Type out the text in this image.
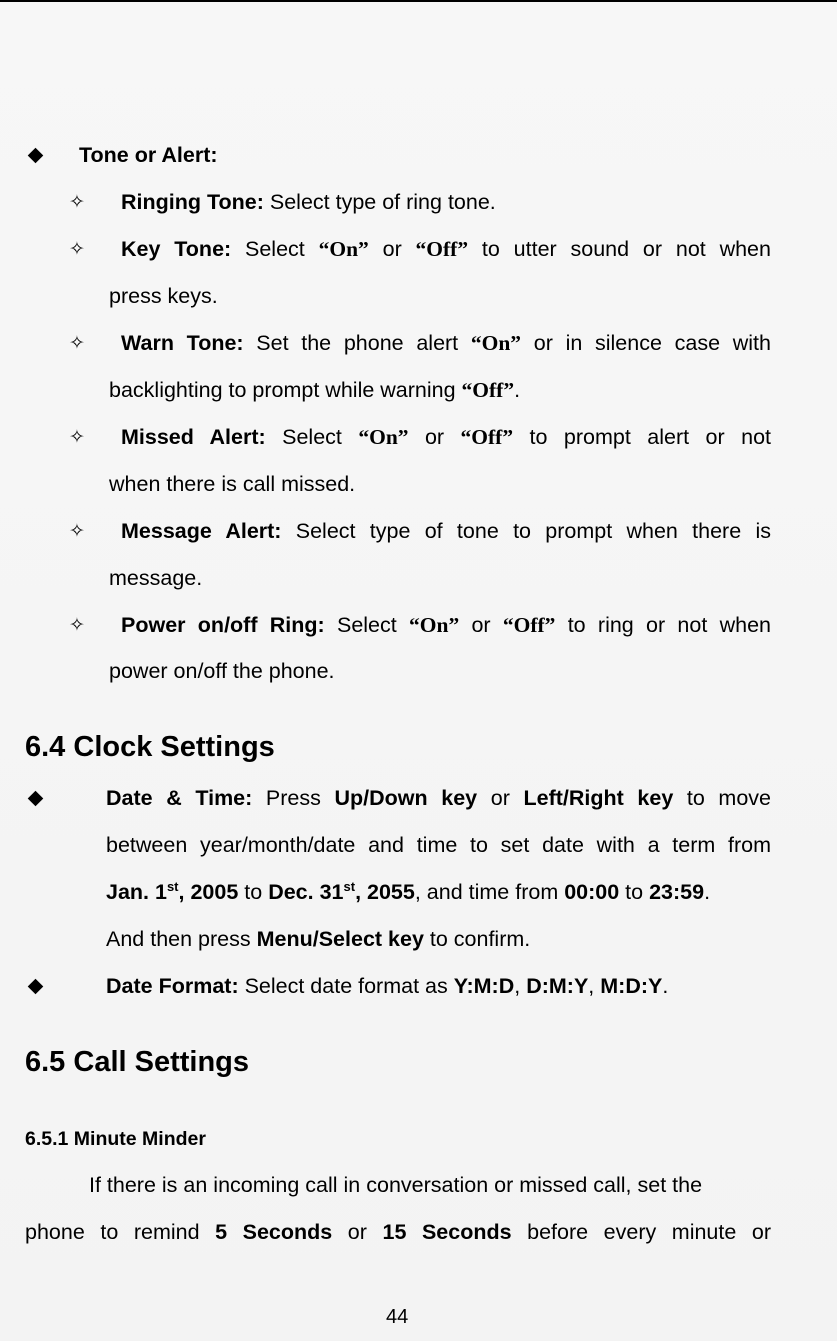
Tone or Alert:
✧ Ringing Tone: Select type of ring tone.
✧ Key Tone: Select “On” or “Off” to utter sound or not when
press keys.
✧ Warn Tone: Set the phone alert “On” or in silence case with
backlighting to prompt while warning “Off”.
✧ Missed Alert: Select “On” or “Off” to prompt alert or not
when there is call missed.
✧ Message Alert: Select type of tone to prompt when there is
message.
✧ Power on/off Ring: Select “On” or “Off” to ring or not when
power on/off the phone.
6.4 Clock Settings
Date & Time: Press Up/Down key or Left/Right key to move
between year/month/date and time to set date with a term from
Jan. 1st, 2005 to Dec. 31st, 2055, and time from 00:00 to 23:59.
And then press Menu/Select key to confirm.
Date Format: Select date format as Y:M:D, D:M:Y, M:D:Y.
6.5 Call Settings
6.5.1 Minute Minder
If there is an incoming call in conversation or missed call, set the
phone to remind 5 Seconds or 15 Seconds before every minute or
44
